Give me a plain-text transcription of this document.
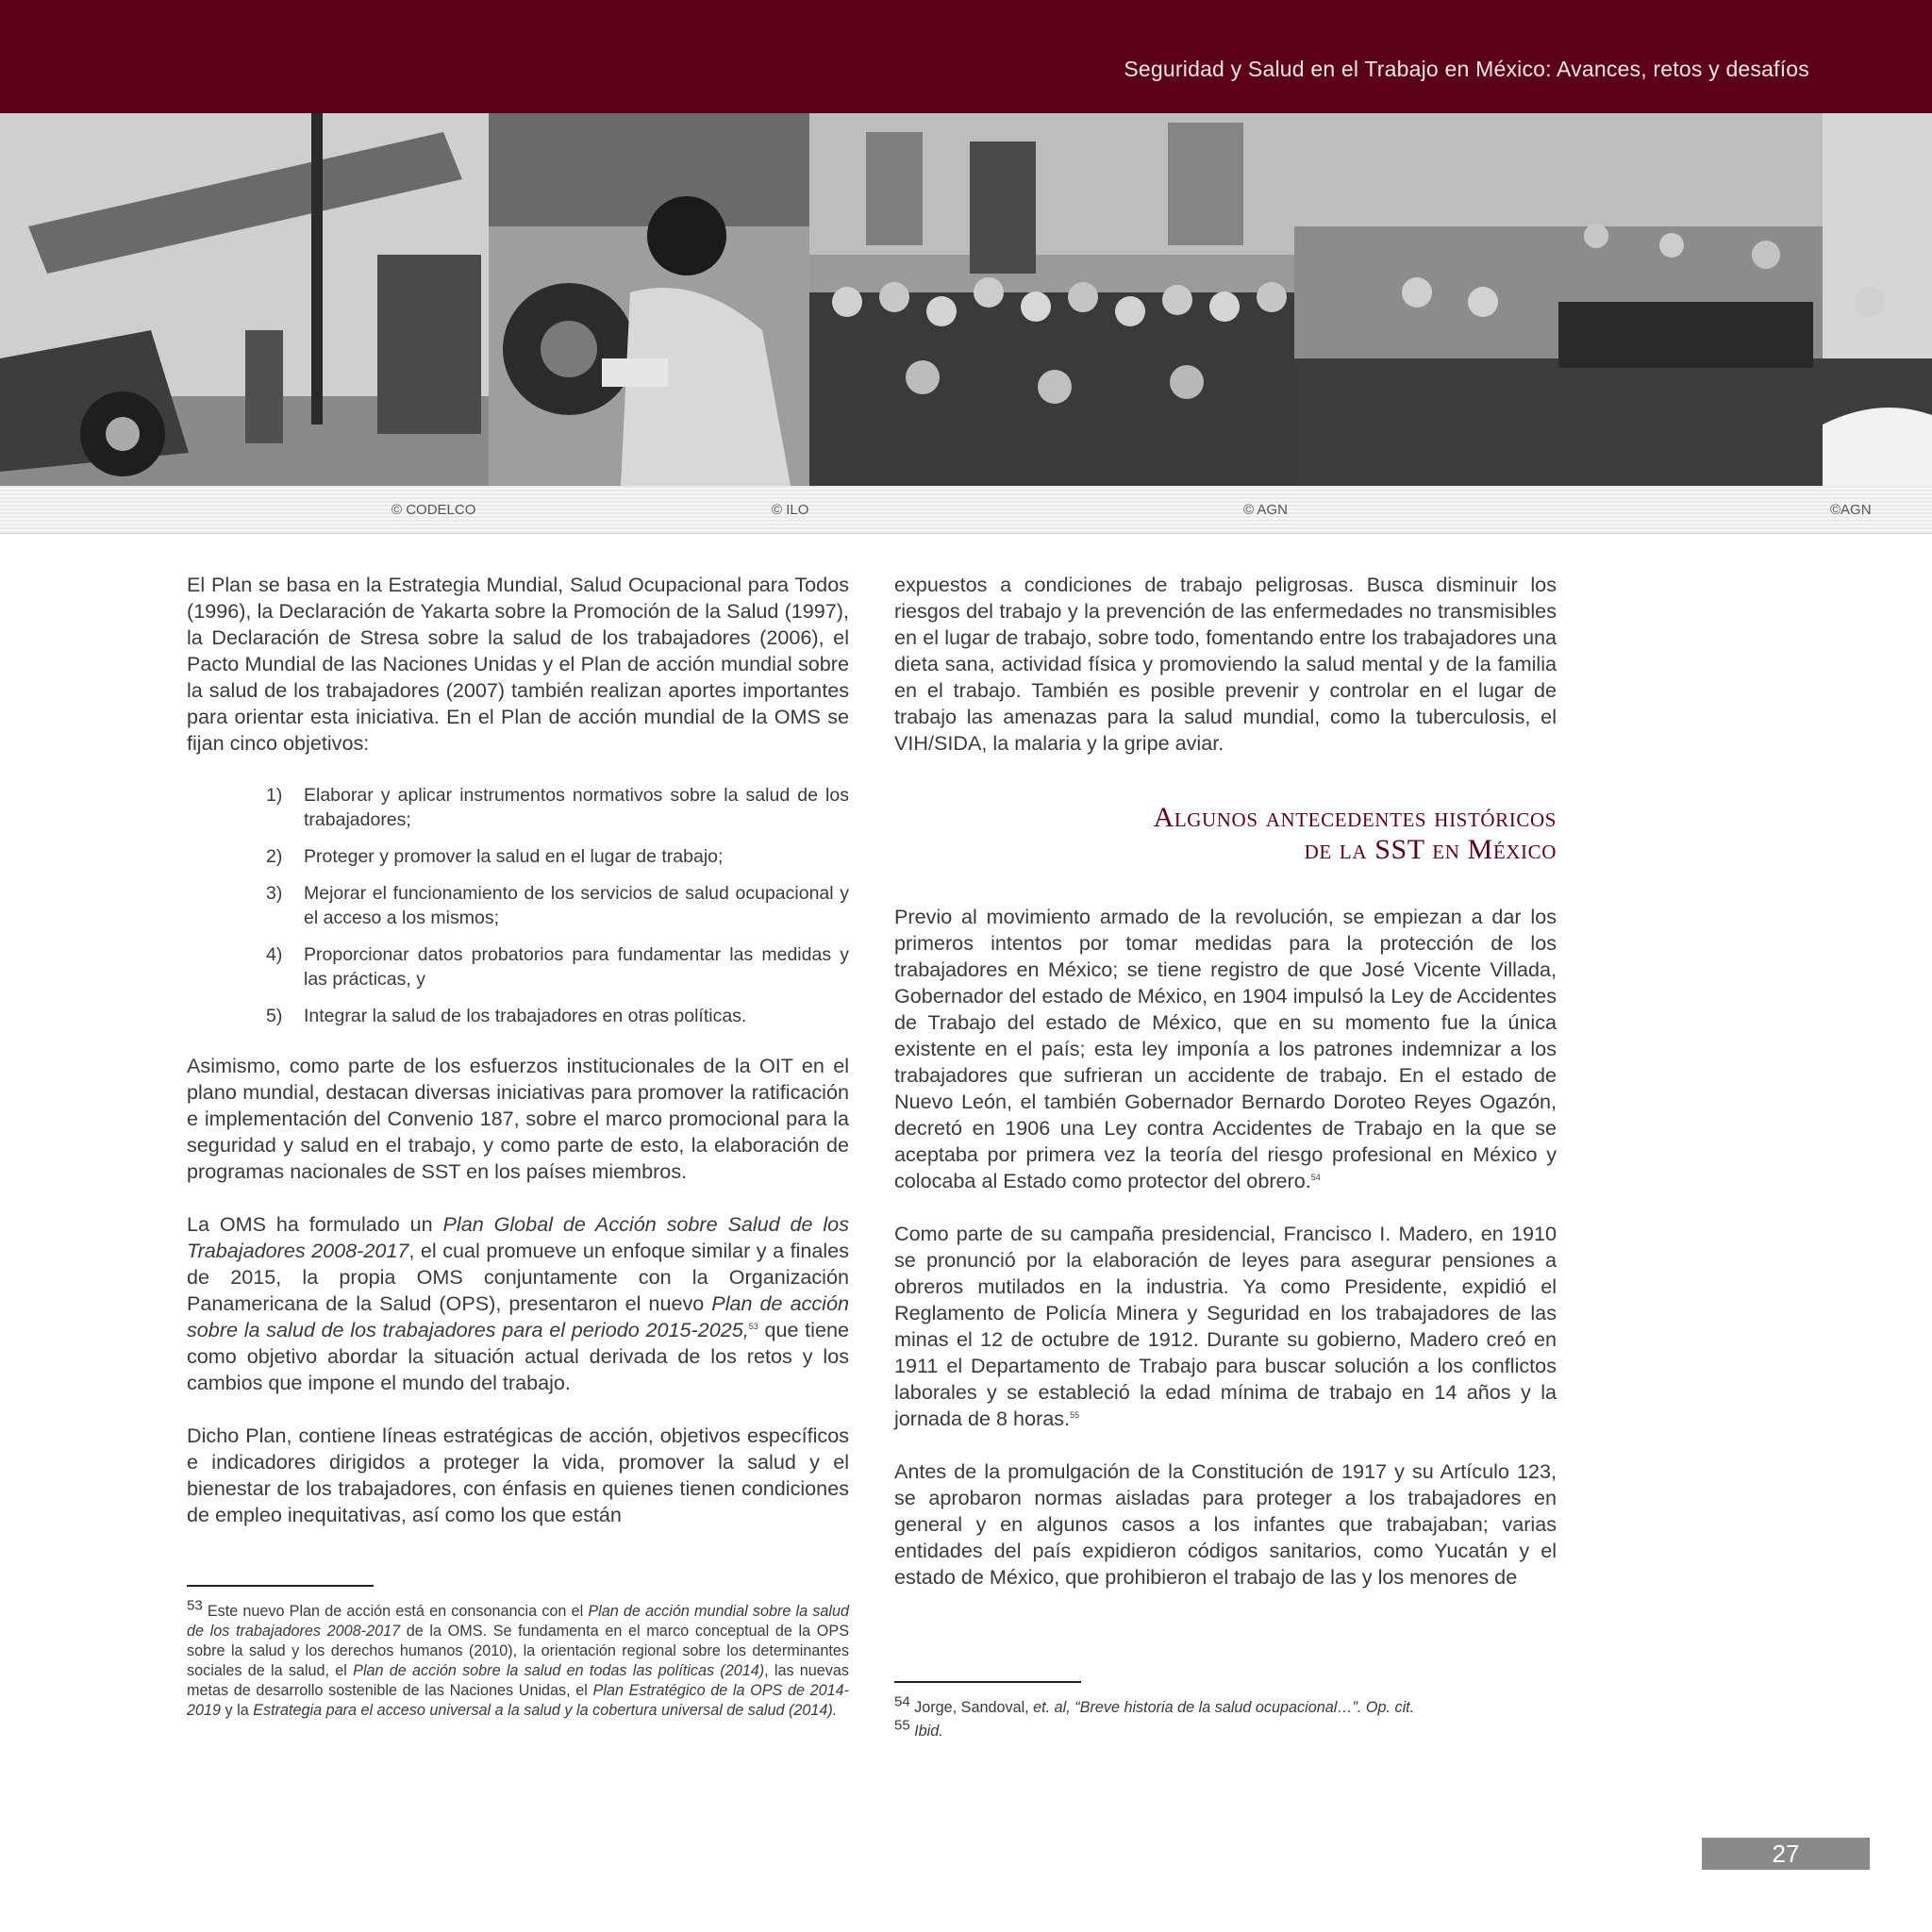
Seguridad y Salud en el Trabajo en México: Avances, retos y desafíos
© CODELCO	© ILO	© AGN	©AGN

El Plan se basa en la Estrategia Mundial, Salud Ocupacional para Todos (1996), la Declaración de Yakarta sobre la Promoción de la Salud (1997), la Declaración de Stresa sobre la salud de los trabajadores (2006), el Pacto Mundial de las Naciones Unidas y el Plan de acción mundial sobre la salud de los trabajadores (2007) también realizan aportes importantes para orientar esta iniciativa. En el Plan de acción mundial de la OMS se fijan cinco objetivos:

1) Elaborar y aplicar instrumentos normativos sobre la salud de los trabajadores;
2) Proteger y promover la salud en el lugar de trabajo;
3) Mejorar el funcionamiento de los servicios de salud ocupacional y el acceso a los mismos;
4) Proporcionar datos probatorios para fundamentar las medidas y las prácticas, y
5) Integrar la salud de los trabajadores en otras políticas.

Asimismo, como parte de los esfuerzos institucionales de la OIT en el plano mundial, destacan diversas iniciativas para promover la ratificación e implementación del Convenio 187, sobre el marco promocional para la seguridad y salud en el trabajo, y como parte de esto, la elaboración de programas nacionales de SST en los países miembros.

La OMS ha formulado un Plan Global de Acción sobre Salud de los Trabajadores 2008-2017, el cual promueve un enfoque similar y a finales de 2015, la propia OMS conjuntamente con la Organización Panamericana de la Salud (OPS), presentaron el nuevo Plan de acción sobre la salud de los trabajadores para el periodo 2015-2025,53 que tiene como objetivo abordar la situación actual derivada de los retos y los cambios que impone el mundo del trabajo.

Dicho Plan, contiene líneas estratégicas de acción, objetivos específicos e indicadores dirigidos a proteger la vida, promover la salud y el bienestar de los trabajadores, con énfasis en quienes tienen condiciones de empleo inequitativas, así como los que están

expuestos a condiciones de trabajo peligrosas. Busca disminuir los riesgos del trabajo y la prevención de las enfermedades no transmisibles en el lugar de trabajo, sobre todo, fomentando entre los trabajadores una dieta sana, actividad física y promoviendo la salud mental y de la familia en el trabajo. También es posible prevenir y controlar en el lugar de trabajo las amenazas para la salud mundial, como la tuberculosis, el VIH/SIDA, la malaria y la gripe aviar.

Algunos antecedentes históricos
de la SST en México

Previo al movimiento armado de la revolución, se empiezan a dar los primeros intentos por tomar medidas para la protección de los trabajadores en México; se tiene registro de que José Vicente Villada, Gobernador del estado de México, en 1904 impulsó la Ley de Accidentes de Trabajo del estado de México, que en su momento fue la única existente en el país; esta ley imponía a los patrones indemnizar a los trabajadores que sufrieran un accidente de trabajo. En el estado de Nuevo León, el también Gobernador Bernardo Doroteo Reyes Ogazón, decretó en 1906 una Ley contra Accidentes de Trabajo en la que se aceptaba por primera vez la teoría del riesgo profesional en México y colocaba al Estado como protector del obrero.$^{54}$

Como parte de su campaña presidencial, Francisco I. Madero, en 1910 se pronunció por la elaboración de leyes para asegurar pensiones a obreros mutilados en la industria. Ya como Presidente, expidió el Reglamento de Policía Minera y Seguridad en los trabajadores de las minas el 12 de octubre de 1912. Durante su gobierno, Madero creó en 1911 el Departamento de Trabajo para buscar solución a los conflictos laborales y se estableció la edad mínima de trabajo en 14 años y la jornada de 8 horas.$^{55}$

Antes de la promulgación de la Constitución de 1917 y su Artículo 123, se aprobaron normas aisladas para proteger a los trabajadores en general y en algunos casos a los infantes que trabajaban; varias entidades del país expidieron códigos sanitarios, como Yucatán y el estado de México, que prohibieron el trabajo de las y los menores de

53 Este nuevo Plan de acción está en consonancia con el Plan de acción mundial sobre la salud de los trabajadores 2008-2017 de la OMS. Se fundamenta en el marco conceptual de la OPS sobre la salud y los derechos humanos (2010), la orientación regional sobre los determinantes sociales de la salud, el Plan de acción sobre la salud en todas las políticas (2014), las nuevas metas de desarrollo sostenible de las Naciones Unidas, el Plan Estratégico de la OPS de 2014-2019 y la Estrategia para el acceso universal a la salud y la cobertura universal de salud (2014).	54 Jorge, Sandoval, et. al, “Breve historia de la salud ocupacional…”. Op. cit.

55 Ibid.

27
